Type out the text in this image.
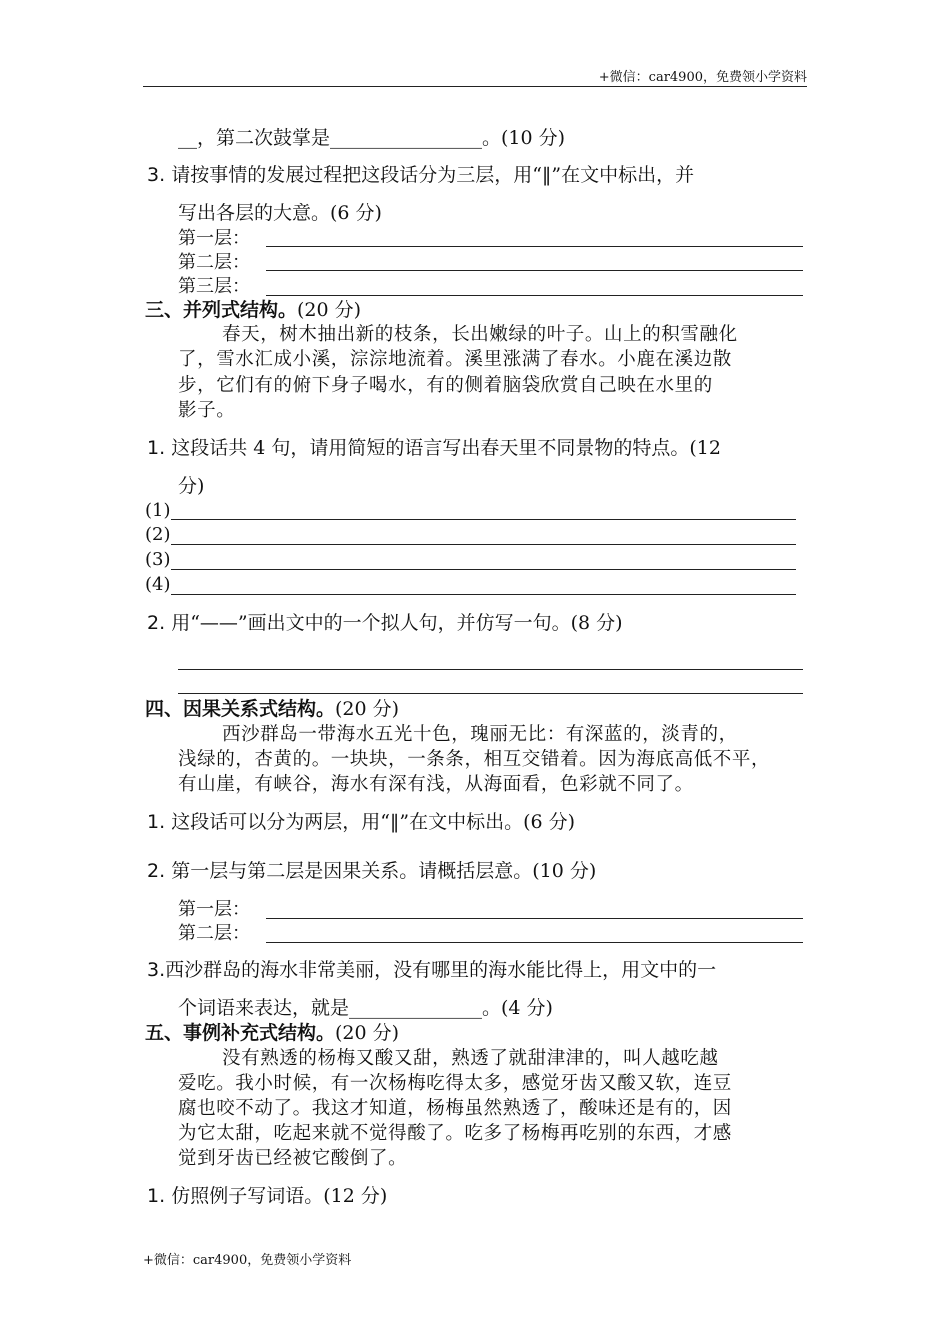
+微信：car4900，免费领小学资料
__，第二次鼓掌是________________。(10 分)
3. 请按事情的发展过程把这段话分为三层，用“‖”在文中标出，并
写出各层的大意。(6 分)
第一层：
第二层：
第三层：
三、并列式结构。(20 分)
春天，树木抽出新的枝条，长出嫩绿的叶子。山上的积雪融化
了，雪水汇成小溪，淙淙地流着。溪里涨满了春水。小鹿在溪边散
步，它们有的俯下身子喝水，有的侧着脑袋欣赏自己映在水里的
影子。
1. 这段话共 4 句，请用简短的语言写出春天里不同景物的特点。(12
分)
(1)
(2)
(3)
(4)
2. 用“——”画出文中的一个拟人句，并仿写一句。(8 分)
四、因果关系式结构。(20 分)
西沙群岛一带海水五光十色，瑰丽无比：有深蓝的，淡青的，
浅绿的，杏黄的。一块块，一条条，相互交错着。因为海底高低不平，
有山崖，有峡谷，海水有深有浅，从海面看，色彩就不同了。
1. 这段话可以分为两层，用“‖”在文中标出。(6 分)
2. 第一层与第二层是因果关系。请概括层意。(10 分)
第一层：
第二层：
3.西沙群岛的海水非常美丽，没有哪里的海水能比得上，用文中的一
个词语来表达，就是______________。(4 分)
五、事例补充式结构。(20 分)
没有熟透的杨梅又酸又甜，熟透了就甜津津的，叫人越吃越
爱吃。我小时候，有一次杨梅吃得太多，感觉牙齿又酸又软，连豆
腐也咬不动了。我这才知道，杨梅虽然熟透了，酸味还是有的，因
为它太甜，吃起来就不觉得酸了。吃多了杨梅再吃别的东西，才感
觉到牙齿已经被它酸倒了。
1. 仿照例子写词语。(12 分)
+微信：car4900，免费领小学资料
